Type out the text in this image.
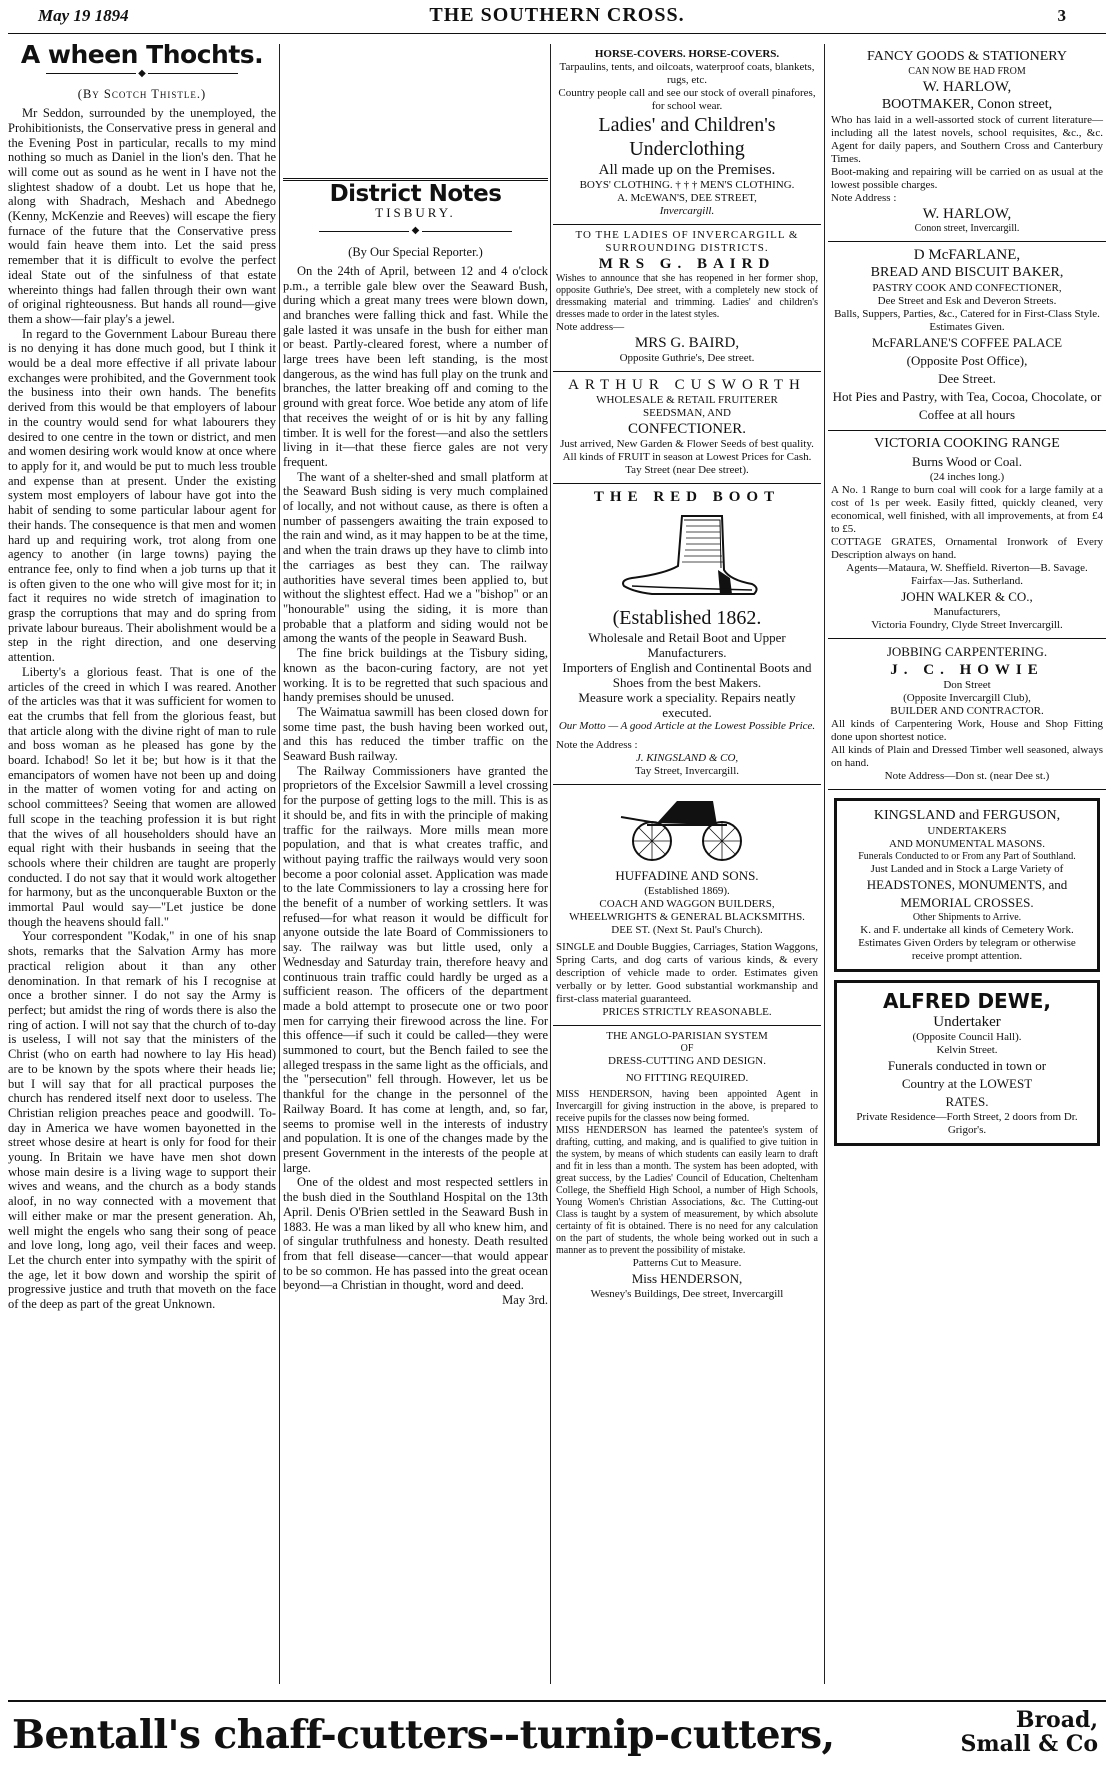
May 19 1894	THE SOUTHERN CROSS.	3
A wheen Thochts.
◆
(By Scotch Thistle.)

Mr Seddon, surrounded by the unemployed, the Prohibitionists, the Conservative press in general and the Evening Post in particular, recalls to my mind nothing so much as Daniel in the lion's den. That he will come out as sound as he went in I have not the slightest shadow of a doubt. Let us hope that he, along with Shadrach, Meshach and Abednego (Kenny, McKenzie and Reeves) will escape the fiery furnace of the future that the Conservative press would fain heave them into. Let the said press remember that it is difficult to evolve the perfect ideal State out of the sinfulness of that estate whereinto things had fallen through their own want of original righteousness. But hands all round—give them a show—fair play's a jewel.

In regard to the Government Labour Bureau there is no denying it has done much good, but I think it would be a deal more effective if all private labour exchanges were prohibited, and the Government took the business into their own hands. The benefits derived from this would be that employers of labour in the country would send for what labourers they desired to one centre in the town or district, and men and women desiring work would know at once where to apply for it, and would be put to much less trouble and expense than at present. Under the existing system most employers of labour have got into the habit of sending to some particular labour agent for their hands. The consequence is that men and women hard up and requiring work, trot along from one agency to another (in large towns) paying the entrance fee, only to find when a job turns up that it is often given to the one who will give most for it; in fact it requires no wide stretch of imagination to grasp the corruptions that may and do spring from private labour bureaus. Their abolishment would be a step in the right direction, and one deserving attention.

Liberty's a glorious feast. That is one of the articles of the creed in which I was reared. Another of the articles was that it was sufficient for women to eat the crumbs that fell from the glorious feast, but that article along with the divine right of man to rule and boss woman as he pleased has gone by the board. Ichabod! So let it be; but how is it that the emancipators of women have not been up and doing in the matter of women voting for and acting on school committees? Seeing that women are allowed full scope in the teaching profession it is but right that the wives of all householders should have an equal right with their husbands in seeing that the schools where their children are taught are properly conducted. I do not say that it would work altogether for harmony, but as the unconquerable Buxton or the immortal Paul would say—"Let justice be done though the heavens should fall."

Your correspondent "Kodak," in one of his snap shots, remarks that the Salvation Army has more practical religion about it than any other denomination. In that remark of his I recognise at once a brother sinner. I do not say the Army is perfect; but amidst the ring of words there is also the ring of action. I will not say that the church of to-day is useless, I will not say that the ministers of the Christ (who on earth had nowhere to lay His head) are to be known by the spots where their heads lie; but I will say that for all practical purposes the church has rendered itself next door to useless. The Christian religion preaches peace and goodwill. To-day in America we have women bayonetted in the street whose desire at heart is only for food for their young. In Britain we have have men shot down whose main desire is a living wage to support their wives and weans, and the church as a body stands aloof, in no way connected with a movement that will either make or mar the present generation. Ah, well might the engels who sang their song of peace and love long, long ago, veil their faces and weep. Let the church enter into sympathy with the spirit of the age, let it bow down and worship the spirit of progressive justice and truth that moveth on the face of the deep as part of the great Unknown.

District Notes
TISBURY.
◆
(By Our Special Reporter.)

On the 24th of April, between 12 and 4 o'clock p.m., a terrible gale blew over the Seaward Bush, during which a great many trees were blown down, and branches were falling thick and fast. While the gale lasted it was unsafe in the bush for either man or beast. Partly-cleared forest, where a number of large trees have been left standing, is the most dangerous, as the wind has full play on the trunk and branches, the latter breaking off and coming to the ground with great force. Woe betide any atom of life that receives the weight of or is hit by any falling timber. It is well for the forest—and also the settlers living in it—that these fierce gales are not very frequent.

The want of a shelter-shed and small platform at the Seaward Bush siding is very much complained of locally, and not without cause, as there is often a number of passengers awaiting the train exposed to the rain and wind, as it may happen to be at the time, and when the train draws up they have to climb into the carriages as best they can. The railway authorities have several times been applied to, but without the slightest effect. Had we a "bishop" or an "honourable" using the siding, it is more than probable that a platform and siding would not be among the wants of the people in Seaward Bush.

The fine brick buildings at the Tisbury siding, known as the bacon-curing factory, are not yet working. It is to be regretted that such spacious and handy premises should be unused.

The Waimatua sawmill has been closed down for some time past, the bush having been worked out, and this has reduced the timber traffic on the Seaward Bush railway.

The Railway Commissioners have granted the proprietors of the Excelsior Sawmill a level crossing for the purpose of getting logs to the mill. This is as it should be, and fits in with the principle of making traffic for the railways. More mills mean more population, and that is what creates traffic, and without paying traffic the railways would very soon become a poor colonial asset. Application was made to the late Commissioners to lay a crossing here for the benefit of a number of working settlers. It was refused—for what reason it would be difficult for anyone outside the late Board of Commissioners to say. The railway was but little used, only a Wednesday and Saturday train, therefore heavy and continuous train traffic could hardly be urged as a sufficient reason. The officers of the department made a bold attempt to prosecute one or two poor men for carrying their firewood across the line. For this offence—if such it could be called—they were summoned to court, but the Bench failed to see the alleged trespass in the same light as the officials, and the "persecution" fell through. However, let us be thankful for the change in the personnel of the Railway Board. It has come at length, and, so far, seems to promise well in the interests of industry and population. It is one of the changes made by the present Government in the interests of the people at large.

One of the oldest and most respected settlers in the bush died in the Southland Hospital on the 13th April. Denis O'Brien settled in the Seaward Bush in 1883. He was a man liked by all who knew him, and of singular truthfulness and honesty. Death resulted from that fell disease—cancer—that would appear to be so common. He has passed into the great ocean beyond—a Christian in thought, word and deed.

May 3rd.

HORSE-COVERS. HORSE-COVERS.
Tarpaulins, tents, and oilcoats, waterproof coats, blankets, rugs, etc.
Country people call and see our stock of overall pinafores, for school wear.
Ladies' and Children's
Underclothing
All made up on the Premises.
BOYS' CLOTHING. † † † MEN'S CLOTHING.
A. McEWAN'S, DEE STREET,
Invercargill.
TO THE LADIES OF INVERCARGILL & SURROUNDING DISTRICTS.
MRS G. BAIRD
Wishes to announce that she has reopened in her former shop, opposite Guthrie's, Dee street, with a completely new stock of dressmaking material and trimming. Ladies' and children's dresses made to order in the latest styles.
Note address—
MRS G. BAIRD,
Opposite Guthrie's, Dee street.
ARTHUR CUSWORTH
WHOLESALE & RETAIL FRUITERER
SEEDSMAN, AND
CONFECTIONER.
Just arrived, New Garden & Flower Seeds of best quality.
All kinds of FRUIT in season at Lowest Prices for Cash.
Tay Street (near Dee street).
THE RED BOOT
(Established 1862.
Wholesale and Retail Boot and Upper Manufacturers.
Importers of English and Continental Boots and Shoes from the best Makers.
Measure work a speciality. Repairs neatly executed.
Our Motto — A good Article at the Lowest Possible Price.
Note the Address :
J. KINGSLAND & CO,
Tay Street, Invercargill.
HUFFADINE AND SONS.
(Established 1869).
COACH AND WAGGON BUILDERS, WHEELWRIGHTS & GENERAL BLACKSMITHS.
DEE ST. (Next St. Paul's Church).
SINGLE and Double Buggies, Carriages, Station Waggons, Spring Carts, and dog carts of various kinds, & every description of vehicle made to order. Estimates given verbally or by letter. Good substantial workmanship and first-class material guaranteed.
PRICES STRICTLY REASONABLE.
THE ANGLO-PARISIAN SYSTEM
OF
DRESS-CUTTING AND DESIGN.
NO FITTING REQUIRED.
MISS HENDERSON, having been appointed Agent in Invercargill for giving instruction in the above, is prepared to receive pupils for the classes now being formed.
MISS HENDERSON has learned the patentee's system of drafting, cutting, and making, and is qualified to give tuition in the system, by means of which students can easily learn to draft and fit in less than a month. The system has been adopted, with great success, by the Ladies' Council of Education, Cheltenham College, the Sheffield High School, a number of High Schools, Young Women's Christian Associations, &c. The Cutting-out Class is taught by a system of measurement, by which absolute certainty of fit is obtained. There is no need for any calculation on the part of students, the whole being worked out in such a manner as to prevent the possibility of mistake.
Patterns Cut to Measure.
Miss HENDERSON,
Wesney's Buildings, Dee street, Invercargill
FANCY GOODS & STATIONERY
CAN NOW BE HAD FROM
W. HARLOW,
BOOTMAKER, Conon street,
Who has laid in a well-assorted stock of current literature—including all the latest novels, school requisites, &c., &c. Agent for daily papers, and Southern Cross and Canterbury Times.
Boot-making and repairing will be carried on as usual at the lowest possible charges.
Note Address :
W. HARLOW,
Conon street, Invercargill.
D McFARLANE,
BREAD AND BISCUIT BAKER,
PASTRY COOK AND CONFECTIONER,
Dee Street and Esk and Deveron Streets.
Balls, Suppers, Parties, &c., Catered for in First-Class Style. Estimates Given.
McFARLANE'S COFFEE PALACE
(Opposite Post Office),
Dee Street.
Hot Pies and Pastry, with Tea, Cocoa, Chocolate, or Coffee at all hours
VICTORIA COOKING RANGE
Burns Wood or Coal.
(24 inches long.)
A No. 1 Range to burn coal will cook for a large family at a cost of 1s per week. Easily fitted, quickly cleaned, very economical, well finished, with all improvements, at from £4 to £5.
COTTAGE GRATES, Ornamental Ironwork of Every Description always on hand.
Agents—Mataura, W. Sheffield. Riverton—B. Savage. Fairfax—Jas. Sutherland.
JOHN WALKER & CO.,
Manufacturers,
Victoria Foundry, Clyde Street Invercargill.
JOBBING CARPENTERING.
J. C. HOWIE
Don Street
(Opposite Invercargill Club),
BUILDER AND CONTRACTOR.
All kinds of Carpentering Work, House and Shop Fitting done upon shortest notice.
All kinds of Plain and Dressed Timber well seasoned, always on hand.
Note Address—Don st. (near Dee st.)
KINGSLAND and FERGUSON,
UNDERTAKERS
AND MONUMENTAL MASONS.
Funerals Conducted to or From any Part of Southland.
Just Landed and in Stock a Large Variety of
HEADSTONES, MONUMENTS, and MEMORIAL CROSSES.
Other Shipments to Arrive.
K. and F. undertake all kinds of Cemetery Work. Estimates Given Orders by telegram or otherwise receive prompt attention.
ALFRED DEWE,
Undertaker
(Opposite Council Hall).
Kelvin Street.
Funerals conducted in town or
Country at the LOWEST
RATES.
Private Residence—Forth Street, 2 doors from Dr. Grigor's.
Bentall's chaff-cutters--turnip-cutters,	Broad,
Small & Co
